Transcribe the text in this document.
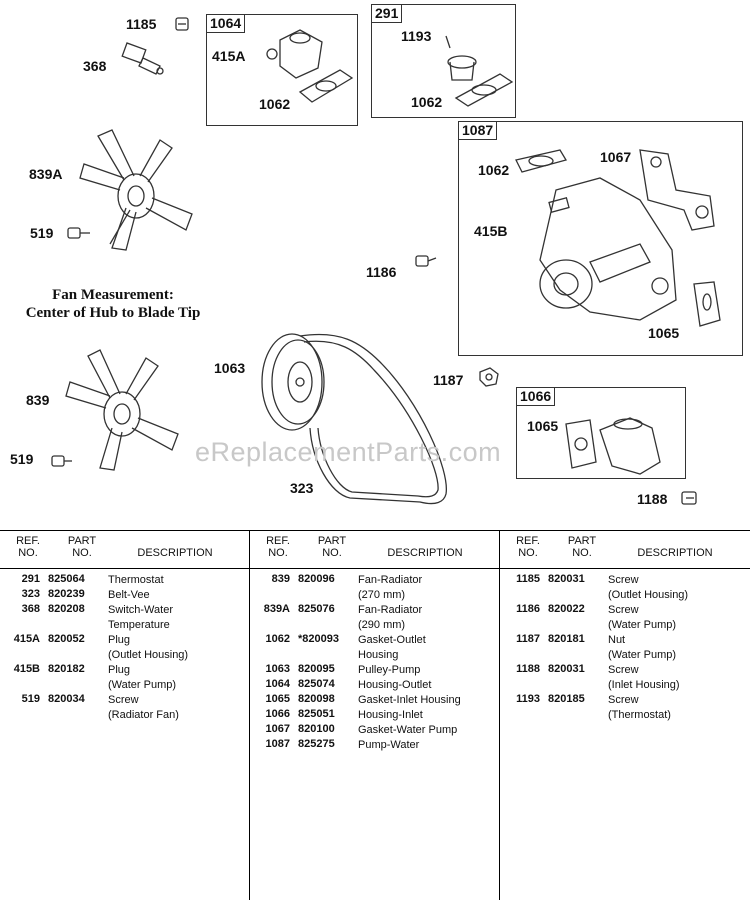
1064
291
1087
1066
1185
368
415A
1062
1193
1062
1062
1067
415B
1065
839A
519
1186
1063
839
519
1187
1065
323
1188
Fan Measurement:
Center of Hub to Blade Tip
eReplacementParts.com
REF.
NO.
PART
NO.	DESCRIPTION
291 825064 Thermostat
323 820239 Belt-Vee
368 820208 Switch-Water
Temperature
415A 820052 Plug
(Outlet Housing)
415B 820182 Plug
(Water Pump)
519 820034 Screw
(Radiator Fan)
REF.
NO.
PART
NO.	DESCRIPTION
839 820096 Fan-Radiator
(270 mm)
839A 825076 Fan-Radiator
(290 mm)
1062 *820093 Gasket-Outlet
Housing
1063 820095 Pulley-Pump
1064 825074 Housing-Outlet
1065 820098 Gasket-Inlet Housing
1066 825051 Housing-Inlet
1067 820100 Gasket-Water Pump
1087 825275 Pump-Water
REF.
NO.
PART
NO.	DESCRIPTION
1185 820031 Screw
(Outlet Housing)
1186 820022 Screw
(Water Pump)
1187 820181 Nut
(Water Pump)
1188 820031 Screw
(Inlet Housing)
1193 820185 Screw
(Thermostat)
